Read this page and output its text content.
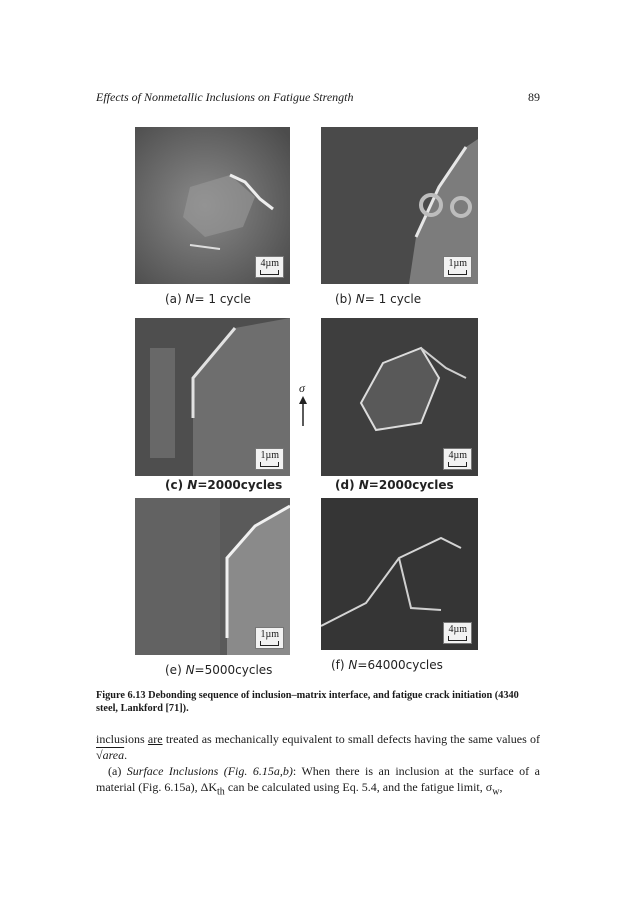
Effects of Nonmetallic Inclusions on Fatigue Strength	89
4µm	1µm
(a) N= 1 cycle	(b) N= 1 cycle
1µm
σ
4µm
(c) N=2000cycles	(d) N=2000cycles
1µm	4µm
(f) N=64000cycles
(e) N=5000cycles
Figure 6.13 Debonding sequence of inclusion–matrix interface, and fatigue crack initiation (4340 steel, Lankford [71]).

inclusions are treated as mechanically equivalent to small defects having the same values of √area.

(a) Surface Inclusions (Fig. 6.15a,b): When there is an inclusion at the surface of a material (Fig. 6.15a), $\Delta K_{th}$ can be calculated using Eq. 5.4, and the fatigue limit, $\sigma_w$,
